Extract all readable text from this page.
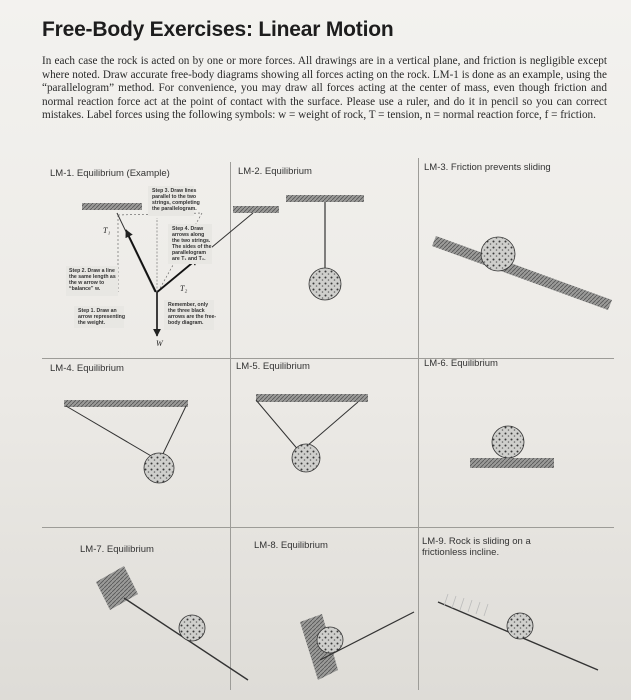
Free-Body Exercises: Linear Motion
In each case the rock is acted on by one or more forces. All drawings are in a vertical plane, and friction is negligible except where noted. Draw accurate free-body diagrams showing all forces acting on the rock. LM-1 is done as an example, using the “parallelogram” method. For convenience, you may draw all forces acting at the center of mass, even though friction and normal reaction force act at the point of contact with the surface. Please use a ruler, and do it in pencil so you can correct mistakes. Label forces using the following symbols: w = weight of rock, T = tension, n = normal reaction force, f = friction.
LM-1. Equilibrium (Example)	LM-2. Equilibrium	LM-3. Friction prevents sliding
LM-4. Equilibrium	LM-5. Equilibrium	LM-6. Equilibrium
LM-7. Equilibrium	LM-8. Equilibrium	LM-9. Rock is sliding on a frictionless incline.
T₁
T₂
W
Step 3. Draw lines
parallel to the two
strings, completing
the parallelogram.
Step 4. Draw
arrows along
the two strings.
The sides of the
parallelogram
are T₁ and T₂.
Step 2. Draw a line
the same length as
the w arrow to
“balance” w.
Step 1. Draw an
arrow representing
the weight.
Remember, only
the three black
arrows are the free-
body diagram.
